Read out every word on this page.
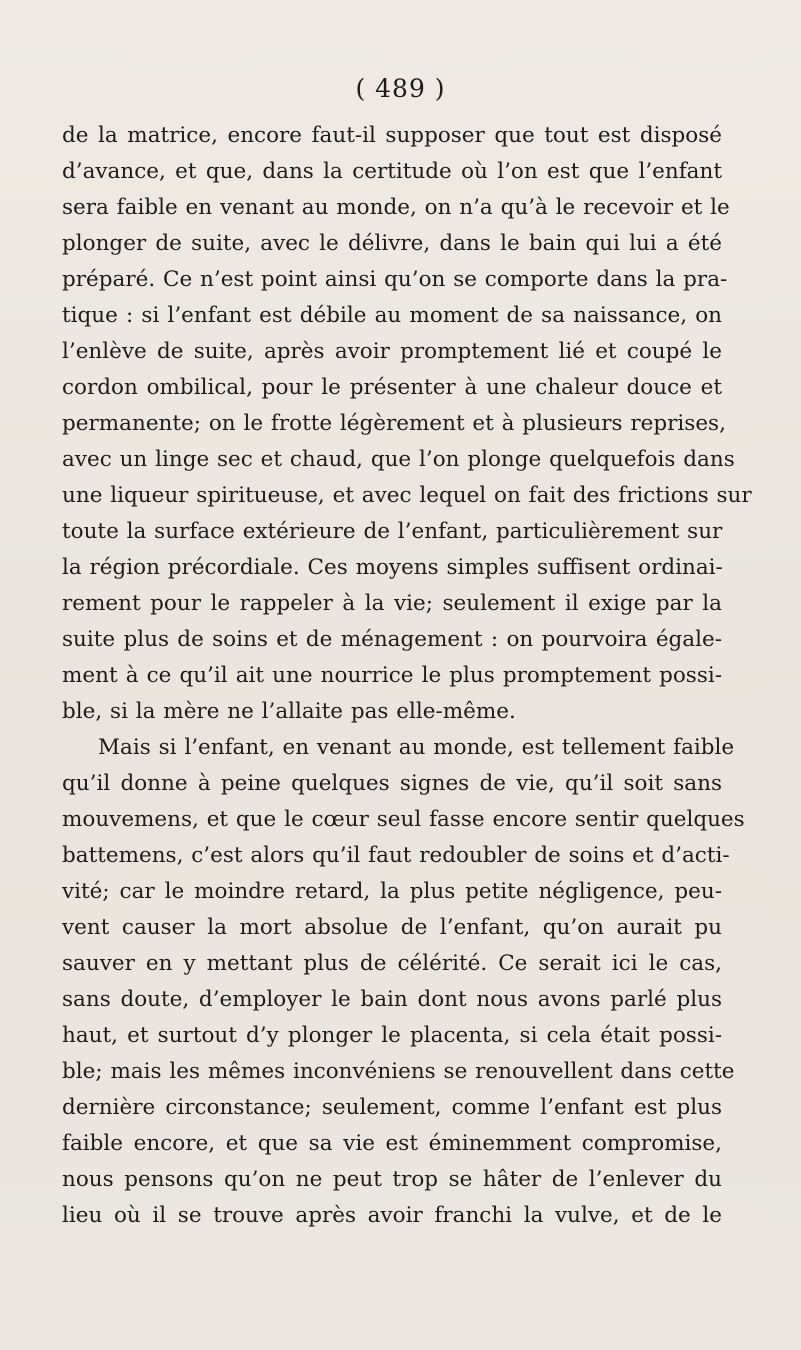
( 489 )
de la matrice, encore faut-il supposer que tout est disposé
d’avance, et que, dans la certitude où l’on est que l’enfant
sera faible en venant au monde, on n’a qu’à le recevoir et le
plonger de suite, avec le délivre, dans le bain qui lui a été
préparé. Ce n’est point ainsi qu’on se comporte dans la pra-
tique : si l’enfant est débile au moment de sa naissance, on
l’enlève de suite, après avoir promptement lié et coupé le
cordon ombilical, pour le présenter à une chaleur douce et
permanente; on le frotte légèrement et à plusieurs reprises,
avec un linge sec et chaud, que l’on plonge quelquefois dans
une liqueur spiritueuse, et avec lequel on fait des frictions sur
toute la surface extérieure de l’enfant, particulièrement sur
la région précordiale. Ces moyens simples suffisent ordinai-
rement pour le rappeler à la vie; seulement il exige par la
suite plus de soins et de ménagement : on pourvoira égale-
ment à ce qu’il ait une nourrice le plus promptement possi-
ble, si la mère ne l’allaite pas elle-même.
Mais si l’enfant, en venant au monde, est tellement faible
qu’il donne à peine quelques signes de vie, qu’il soit sans
mouvemens, et que le cœur seul fasse encore sentir quelques
battemens, c’est alors qu’il faut redoubler de soins et d’acti-
vité; car le moindre retard, la plus petite négligence, peu-
vent causer la mort absolue de l’enfant, qu’on aurait pu
sauver en y mettant plus de célérité. Ce serait ici le cas,
sans doute, d’employer le bain dont nous avons parlé plus
haut, et surtout d’y plonger le placenta, si cela était possi-
ble; mais les mêmes inconvéniens se renouvellent dans cette
dernière circonstance; seulement, comme l’enfant est plus
faible encore, et que sa vie est éminemment compromise,
nous pensons qu’on ne peut trop se hâter de l’enlever du
lieu où il se trouve après avoir franchi la vulve, et de le
